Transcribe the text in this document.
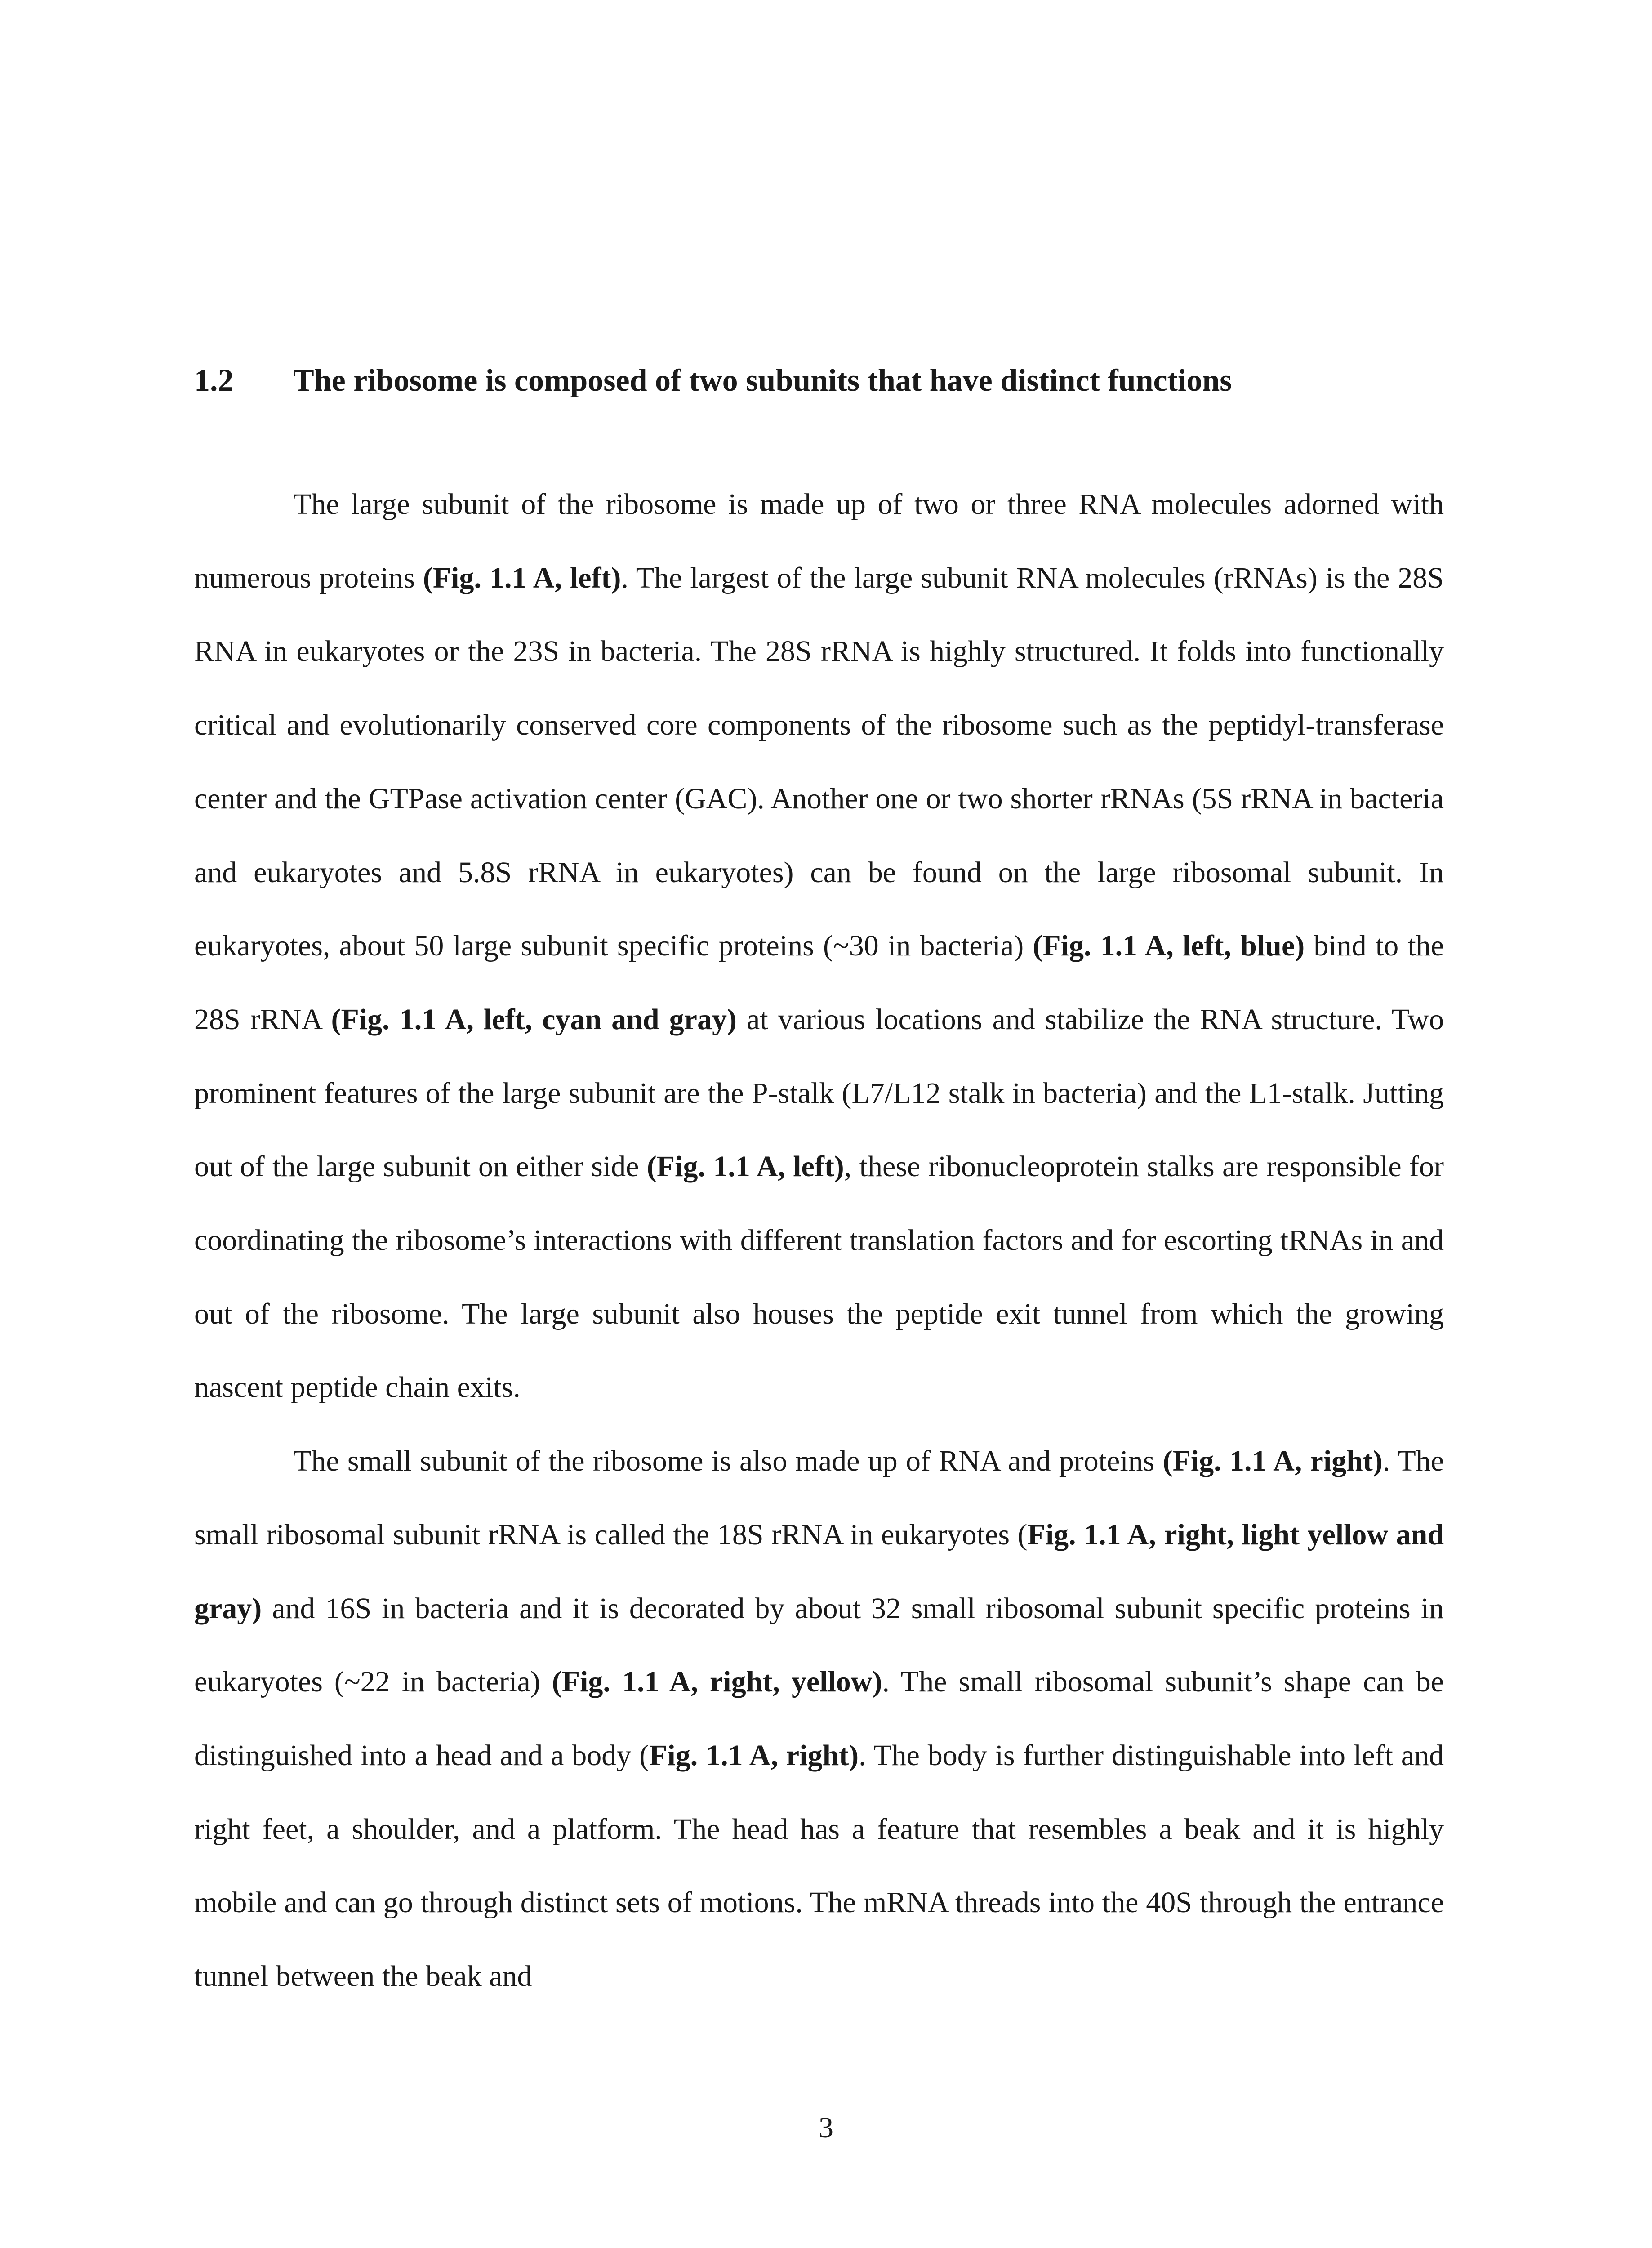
1.2 The ribosome is composed of two subunits that have distinct functions

The large subunit of the ribosome is made up of two or three RNA molecules adorned with numerous proteins (Fig. 1.1 A, left). The largest of the large subunit RNA molecules (rRNAs) is the 28S RNA in eukaryotes or the 23S in bacteria. The 28S rRNA is highly structured. It folds into functionally critical and evolutionarily conserved core components of the ribosome such as the peptidyl-transferase center and the GTPase activation center (GAC). Another one or two shorter rRNAs (5S rRNA in bacteria and eukaryotes and 5.8S rRNA in eukaryotes) can be found on the large ribosomal subunit. In eukaryotes, about 50 large subunit specific proteins (~30 in bacteria) (Fig. 1.1 A, left, blue) bind to the 28S rRNA (Fig. 1.1 A, left, cyan and gray) at various locations and stabilize the RNA structure. Two prominent features of the large subunit are the P-stalk (L7/L12 stalk in bacteria) and the L1-stalk. Jutting out of the large subunit on either side (Fig. 1.1 A, left), these ribonucleoprotein stalks are responsible for coordinating the ribosome’s interactions with different translation factors and for escorting tRNAs in and out of the ribosome. The large subunit also houses the peptide exit tunnel from which the growing nascent peptide chain exits.

The small subunit of the ribosome is also made up of RNA and proteins (Fig. 1.1 A, right). The small ribosomal subunit rRNA is called the 18S rRNA in eukaryotes (Fig. 1.1 A, right, light yellow and gray) and 16S in bacteria and it is decorated by about 32 small ribosomal subunit specific proteins in eukaryotes (~22 in bacteria) (Fig. 1.1 A, right, yellow). The small ribosomal subunit’s shape can be distinguished into a head and a body (Fig. 1.1 A, right). The body is further distinguishable into left and right feet, a shoulder, and a platform. The head has a feature that resembles a beak and it is highly mobile and can go through distinct sets of motions. The mRNA threads into the 40S through the entrance tunnel between the beak and

3
